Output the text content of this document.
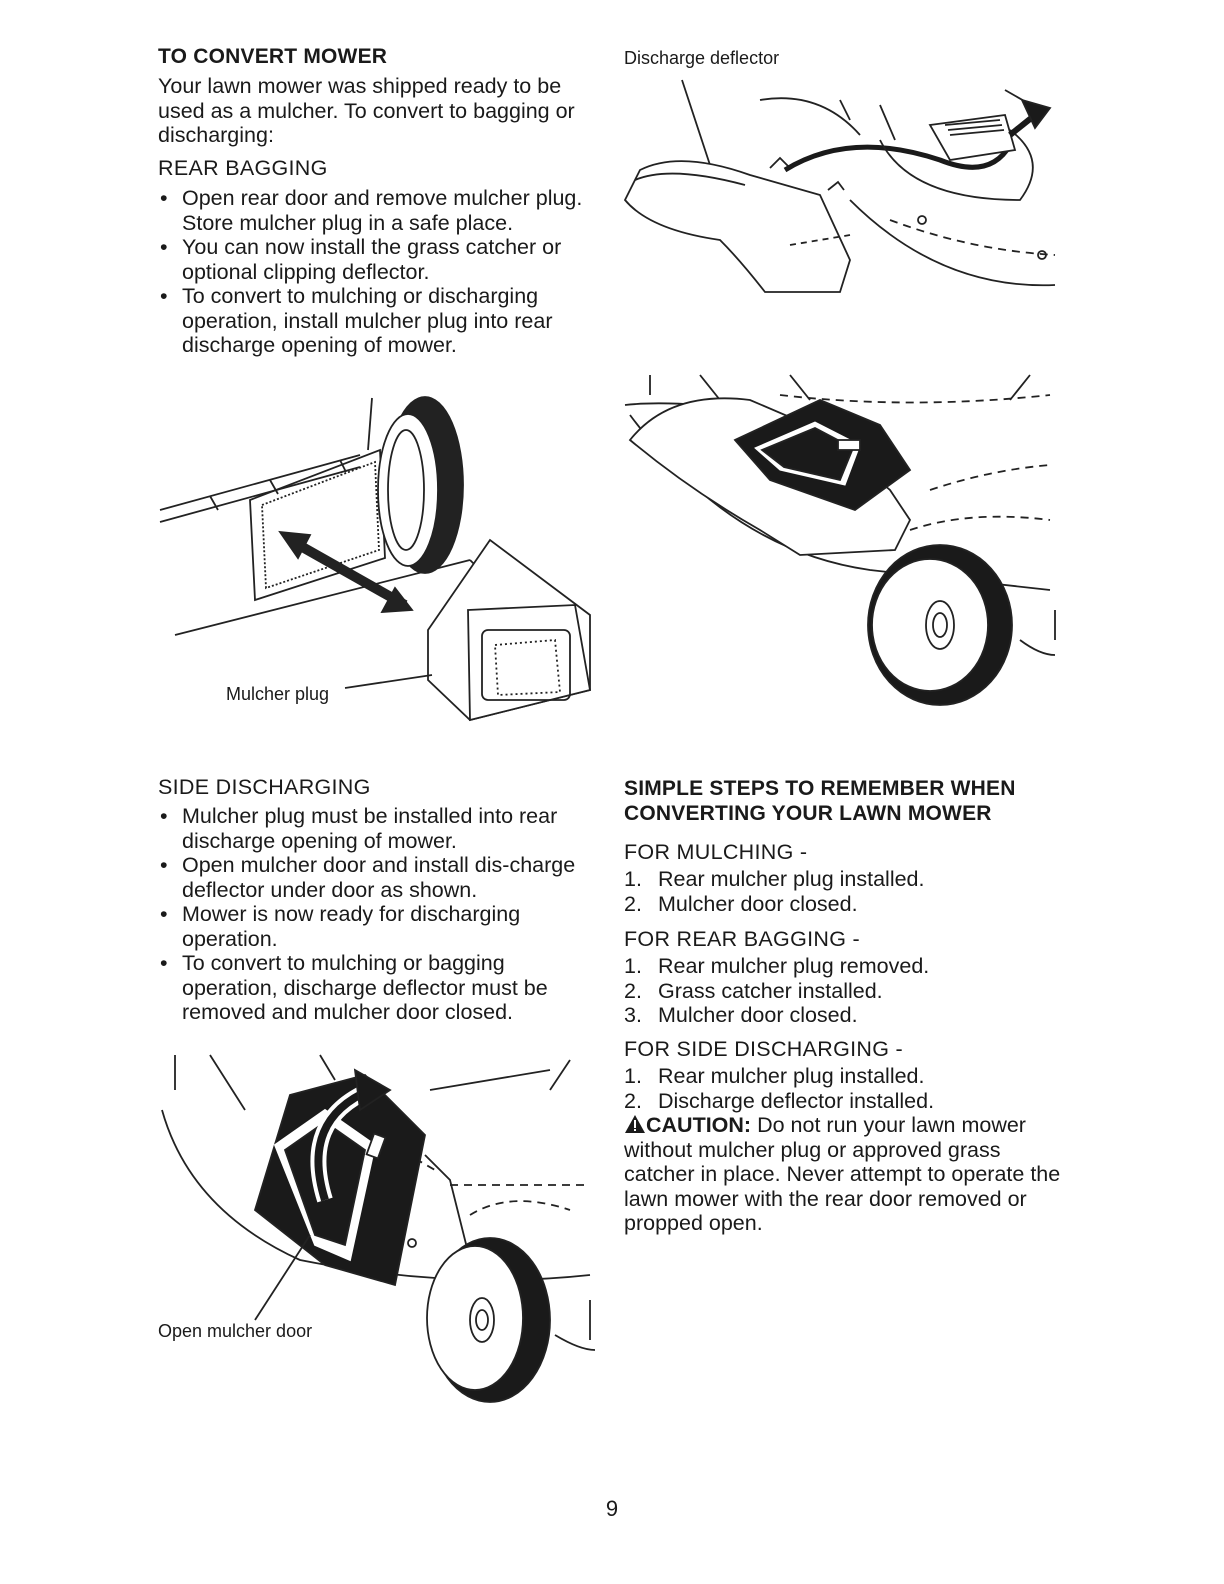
TO CONVERT MOWER
Your lawn mower was shipped ready to be used as a mulcher. To convert to bagging or discharging:
REAR BAGGING
• Open rear door and remove mulcher plug. Store mulcher plug in a safe place.
• You can now install the grass catcher or optional clipping deflector.
• To convert to mulching or discharging operation, install mulcher plug into rear discharge opening of mower.
Mulcher plug
SIDE DISCHARGING
• Mulcher plug must be installed into rear discharge opening of mower.
• Open mulcher door and install dis-charge deflector under door as shown.
• Mower is now ready for discharging operation.
• To convert to mulching or bagging operation, discharge deflector must be removed and mulcher door closed.
Open mulcher door
Discharge deflector
SIMPLE STEPS TO REMEMBER WHEN CONVERTING YOUR LAWN MOWER
FOR MULCHING -
1. Rear mulcher plug installed.
2. Mulcher door closed.
FOR REAR BAGGING -
1. Rear mulcher plug removed.
2. Grass catcher installed.
3. Mulcher door closed.
FOR SIDE DISCHARGING -
1. Rear mulcher plug installed.
2. Discharge deflector installed.
CAUTION: Do not run your lawn mower without mulcher plug or approved grass catcher in place. Never attempt to operate the lawn mower with the rear door removed or propped open.
9
